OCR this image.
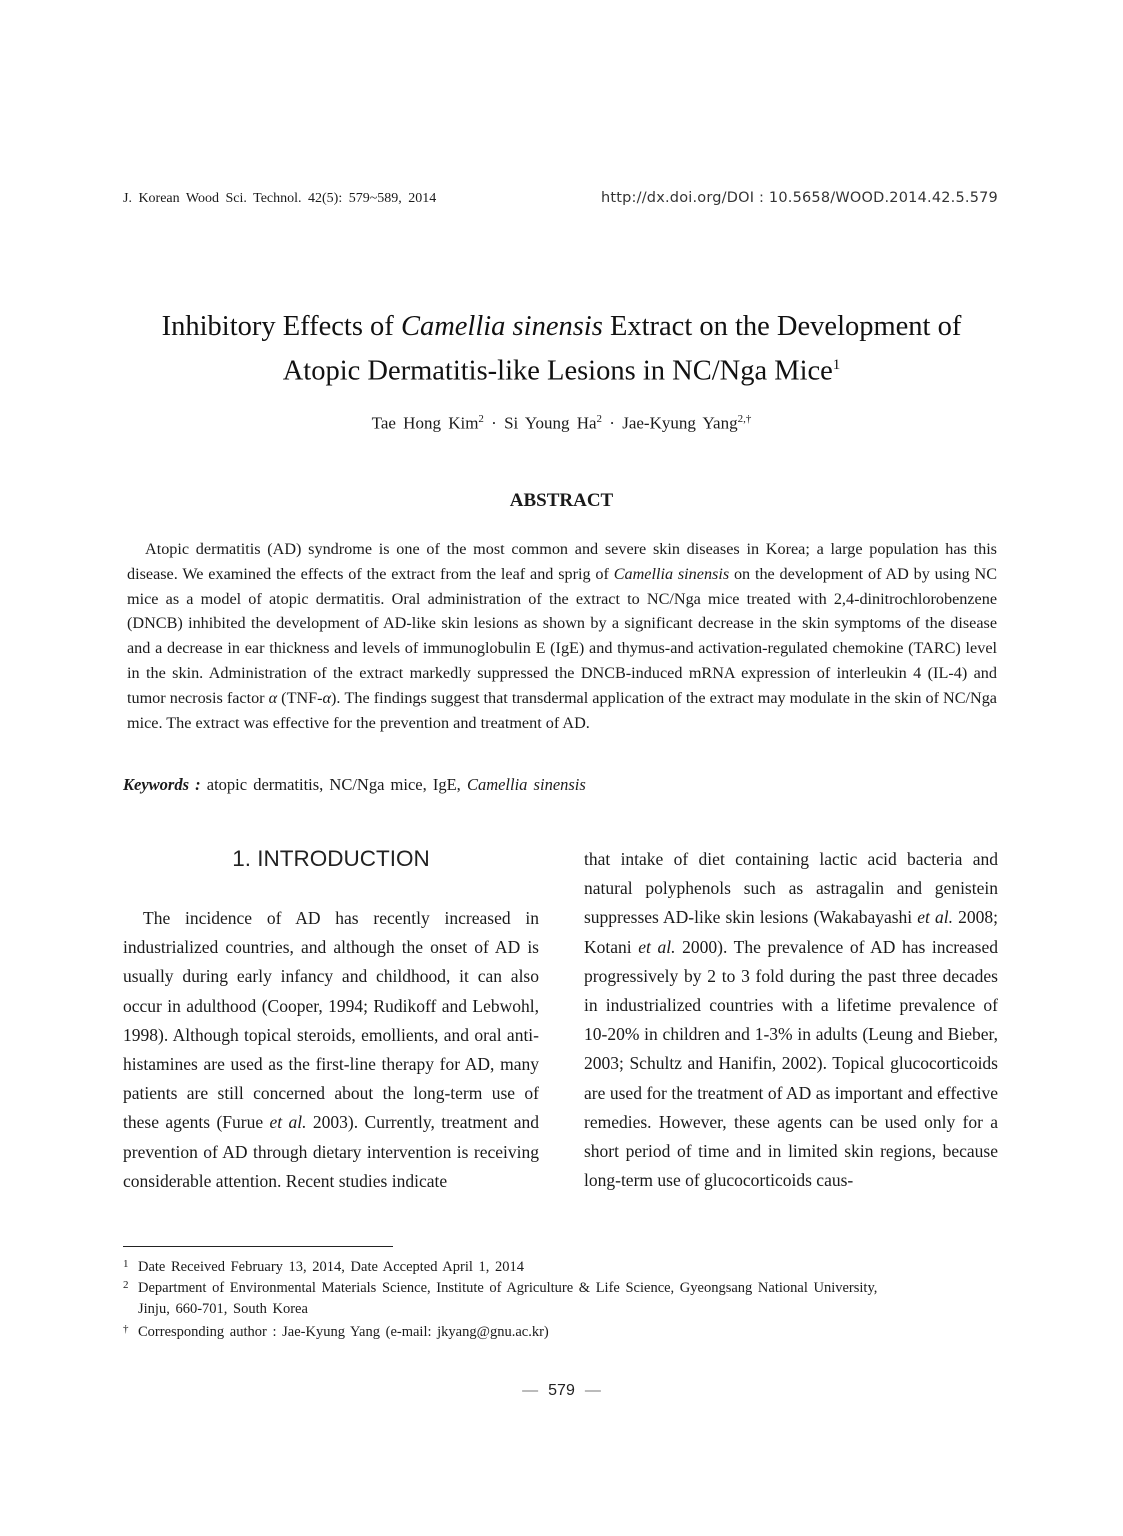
J. Korean Wood Sci. Technol. 42(5): 579~589, 2014	http://dx.doi.org/DOI : 10.5658/WOOD.2014.42.5.579
Inhibitory Effects of Camellia sinensis Extract on the Development of
Atopic Dermatitis-like Lesions in NC/Nga Mice$^1$
Tae Hong Kim$^2$ · Si Young $Ha^2$ · Jae-Kyung Yang$^{2,\dagger}$
ABSTRACT
Atopic dermatitis (AD) syndrome is one of the most common and severe skin diseases in Korea; a large population has this disease. We examined the effects of the extract from the leaf and sprig of Camellia sinensis on the development of AD by using NC mice as a model of atopic dermatitis. Oral administration of the extract to NC/Nga mice treated with 2,4-dinitrochlorobenzene (DNCB) inhibited the development of AD-like skin lesions as shown by a significant decrease in the skin symptoms of the disease and a decrease in ear thickness and levels of immunoglobulin E (IgE) and thymus-and activation-regulated chemokine (TARC) level in the skin. Administration of the extract markedly suppressed the DNCB-induced mRNA expression of interleukin 4 (IL-4) and tumor necrosis factor α (TNF-α). The findings suggest that transdermal application of the extract may modulate in the skin of NC/Nga mice. The extract was effective for the prevention and treatment of AD.
Keywords : atopic dermatitis, NC/Nga mice, IgE, Camellia sinensis
1. INTRODUCTION
The incidence of AD has recently increased in industrialized countries, and although the onset of AD is usually during early infancy and childhood, it can also occur in adulthood (Cooper, 1994; Rudikoff and Lebwohl, 1998). Although topical steroids, emollients, and oral anti-histamines are used as the first-line therapy for AD, many patients are still concerned about the long-term use of these agents (Furue et al. 2003). Currently, treatment and prevention of AD through dietary intervention is receiving considerable attention. Recent studies indicate
that intake of diet containing lactic acid bacteria and natural polyphenols such as astragalin and genistein suppresses AD-like skin lesions (Wakabayashi et al. 2008; Kotani et al. 2000). The prevalence of AD has increased progressively by 2 to 3 fold during the past three decades in industrialized countries with a lifetime prevalence of 10-20% in children and 1-3% in adults (Leung and Bieber, 2003; Schultz and Hanifin, 2002). Topical glucocorticoids are used for the treatment of AD as important and effective remedies. However, these agents can be used only for a short period of time and in limited skin regions, because long-term use of glucocorticoids caus-
1 Date Received February 13, 2014, Date Accepted April 1, 2014
2 Department of Environmental Materials Science, Institute of Agriculture & Life Science, Gyeongsang National University,
Jinju, 660-701, South Korea
† Corresponding author : Jae-Kyung Yang (e-mail: jkyang@gnu.ac.kr)
— 579 —
